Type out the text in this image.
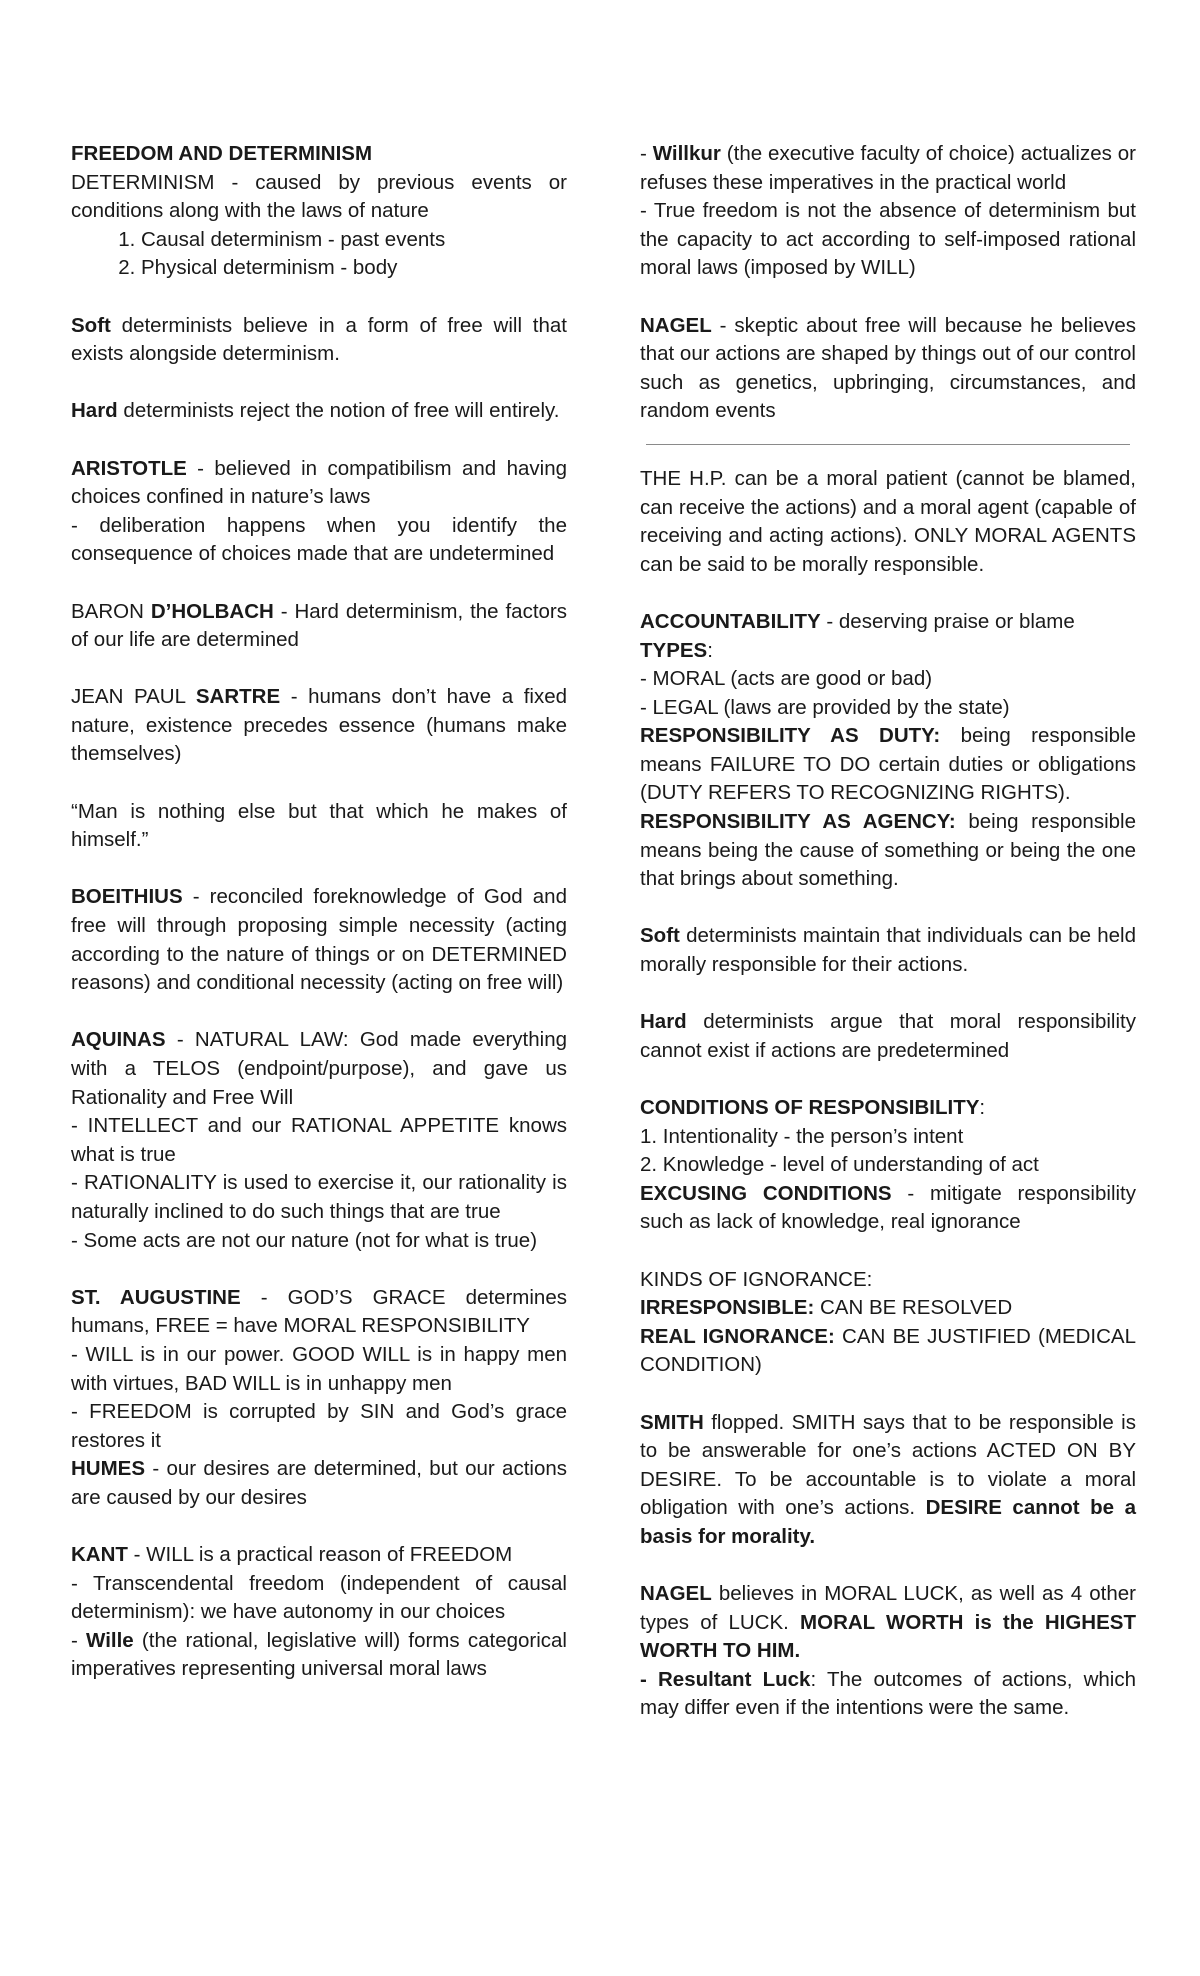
FREEDOM AND DETERMINISM

DETERMINISM - caused by previous events or conditions along with the laws of nature

1. Causal determinism - past events
2. Physical determinism - body

Soft determinists believe in a form of free will that exists alongside determinism.

Hard determinists reject the notion of free will entirely.

ARISTOTLE - believed in compatibilism and having choices confined in nature’s laws

- deliberation happens when you identify the consequence of choices made that are undetermined

BARON D’HOLBACH - Hard determinism, the factors of our life are determined

JEAN PAUL SARTRE - humans don’t have a fixed nature, existence precedes essence (humans make themselves)

“Man is nothing else but that which he makes of himself.”

BOEITHIUS - reconciled foreknowledge of God and free will through proposing simple necessity (acting according to the nature of things or on DETERMINED reasons) and conditional necessity (acting on free will)

AQUINAS - NATURAL LAW: God made everything with a TELOS (endpoint/purpose), and gave us Rationality and Free Will

- INTELLECT and our RATIONAL APPETITE knows what is true

- RATIONALITY is used to exercise it, our rationality is naturally inclined to do such things that are true

- Some acts are not our nature (not for what is true)

ST. AUGUSTINE - GOD’S GRACE determines humans, FREE = have MORAL RESPONSIBILITY

- WILL is in our power. GOOD WILL is in happy men with virtues, BAD WILL is in unhappy men

- FREEDOM is corrupted by SIN and God’s grace restores it

HUMES - our desires are determined, but our actions are caused by our desires

KANT - WILL is a practical reason of FREEDOM

- Transcendental freedom (independent of causal determinism): we have autonomy in our choices

- Wille (the rational, legislative will) forms categorical imperatives representing universal moral laws

- Willkur (the executive faculty of choice) actualizes or refuses these imperatives in the practical world

- True freedom is not the absence of determinism but the capacity to act according to self-imposed rational moral laws (imposed by WILL)

NAGEL - skeptic about free will because he believes that our actions are shaped by things out of our control such as genetics, upbringing, circumstances, and random events

THE H.P. can be a moral patient (cannot be blamed, can receive the actions) and a moral agent (capable of receiving and acting actions). ONLY MORAL AGENTS can be said to be morally responsible.

ACCOUNTABILITY - deserving praise or blame

TYPES:

- MORAL (acts are good or bad)

- LEGAL (laws are provided by the state)

RESPONSIBILITY AS DUTY: being responsible means FAILURE TO DO certain duties or obligations (DUTY REFERS TO RECOGNIZING RIGHTS).

RESPONSIBILITY AS AGENCY: being responsible means being the cause of something or being the one that brings about something.

Soft determinists maintain that individuals can be held morally responsible for their actions.

Hard determinists argue that moral responsibility cannot exist if actions are predetermined

CONDITIONS OF RESPONSIBILITY:

1. Intentionality - the person’s intent

2. Knowledge - level of understanding of act

EXCUSING CONDITIONS - mitigate responsibility such as lack of knowledge, real ignorance

KINDS OF IGNORANCE:

IRRESPONSIBLE: CAN BE RESOLVED

REAL IGNORANCE: CAN BE JUSTIFIED (MEDICAL CONDITION)

SMITH flopped. SMITH says that to be responsible is to be answerable for one’s actions ACTED ON BY DESIRE. To be accountable is to violate a moral obligation with one’s actions. DESIRE cannot be a basis for morality.

NAGEL believes in MORAL LUCK, as well as 4 other types of LUCK. MORAL WORTH is the HIGHEST WORTH TO HIM.

- Resultant Luck: The outcomes of actions, which may differ even if the intentions were the same.
